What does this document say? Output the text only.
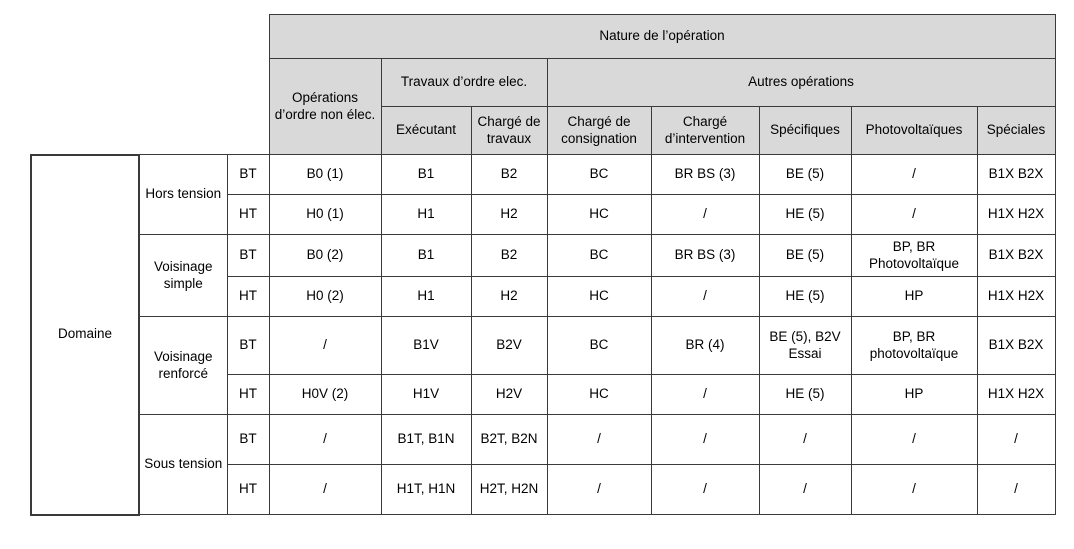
			Nature de l’opération							
			Opérations d’ordre non élec.	Travaux d’ordre elec.		Autres opérations				
				Exécutant	Chargé de travaux	Chargé de consignation	Chargé d’intervention	Spécifiques	Photovoltaïques	Spéciales
Domaine	Hors tension	BT	B0 (1)	B1	B2	BC	BR BS (3)	BE (5)	/	B1X B2X
		HT	H0 (1)	H1	H2	HC	/	HE (5)	/	H1X H2X
	Voisinage simple	BT	B0 (2)	B1	B2	BC	BR BS (3)	BE (5)	BP, BR Photovoltaïque	B1X B2X
		HT	H0 (2)	H1	H2	HC	/	HE (5)	HP	H1X H2X
	Voisinage renforcé	BT	/	B1V	B2V	BC	BR (4)	BE (5), B2V Essai	BP, BR photovoltaïque	B1X B2X
		HT	H0V (2)	H1V	H2V	HC	/	HE (5)	HP	H1X H2X
	Sous tension	BT	/	B1T, B1N	B2T, B2N	/	/	/	/	/
		HT	/	H1T, H1N	H2T, H2N	/	/	/	/	/
